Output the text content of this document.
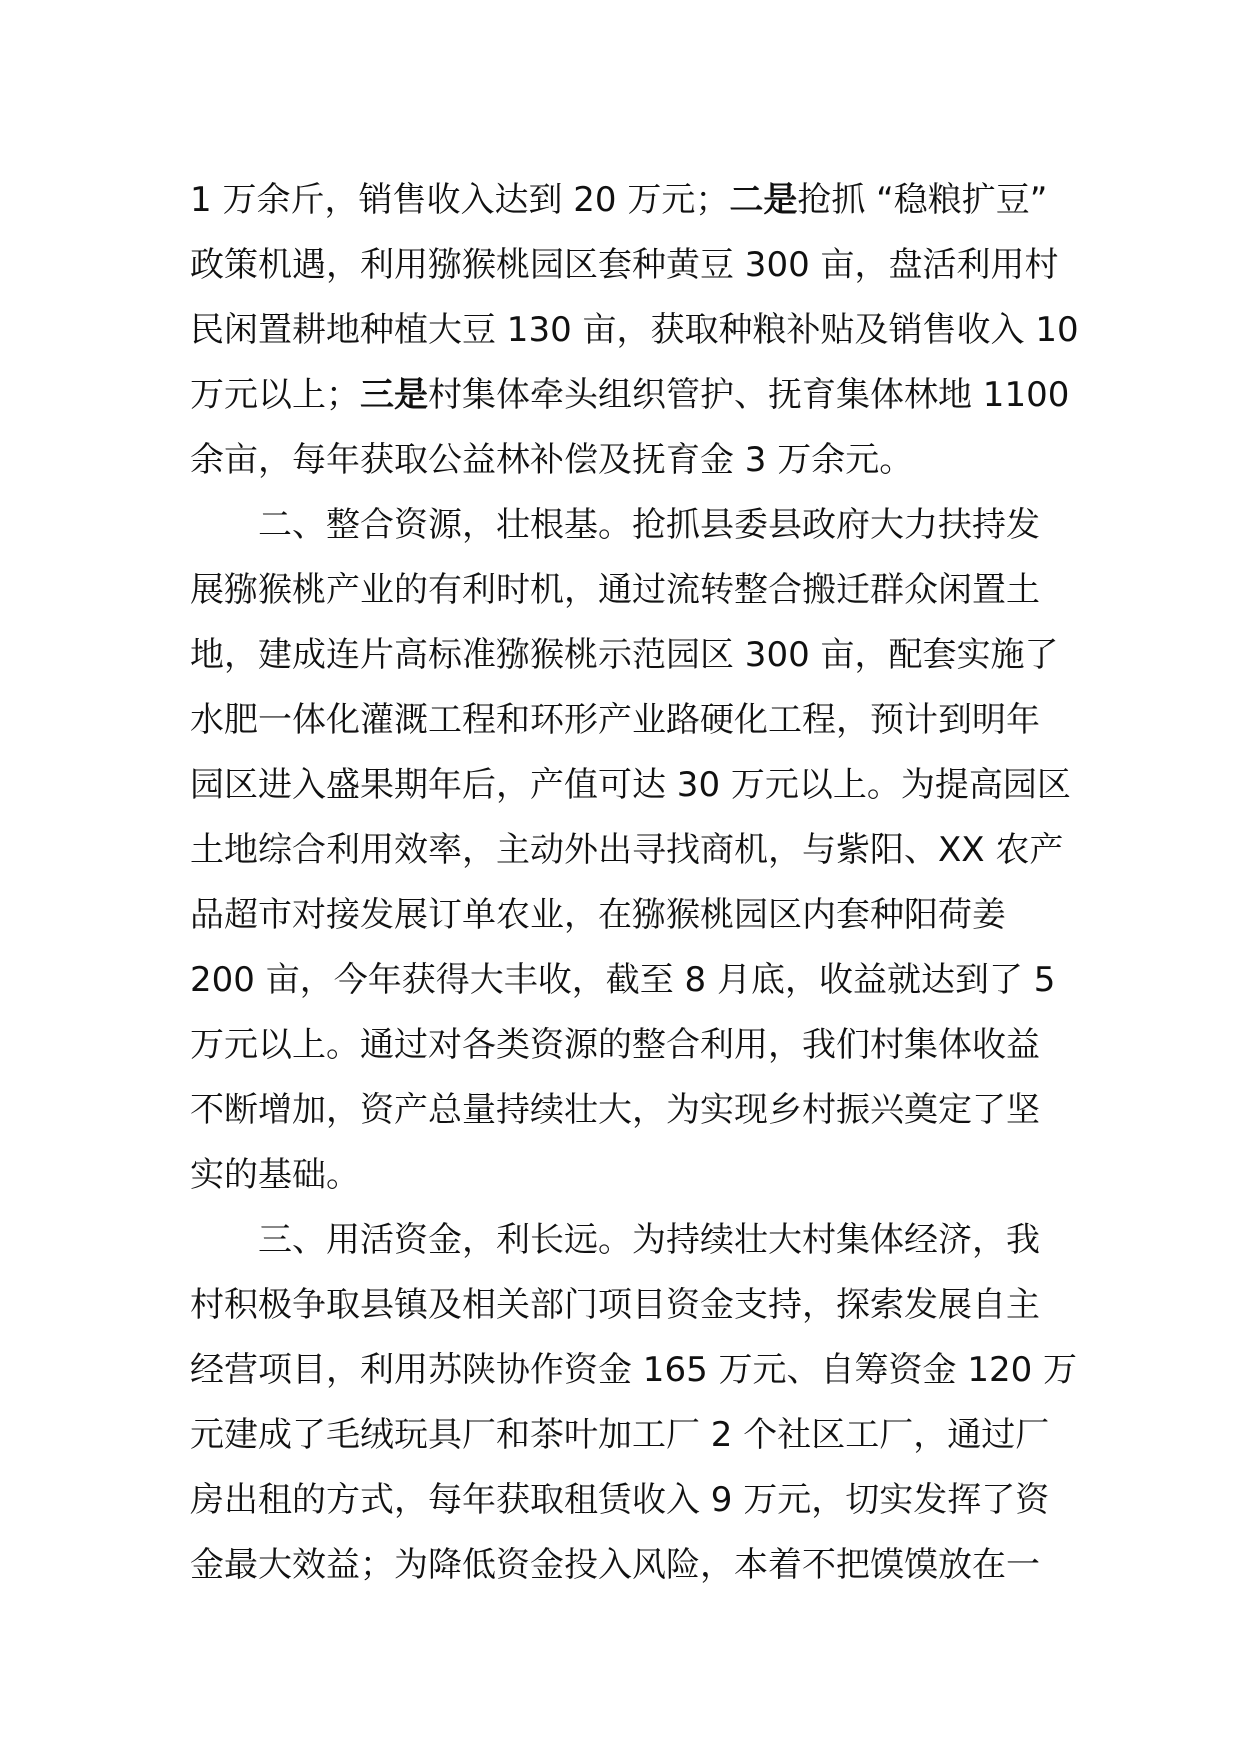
1 万余斤，销售收入达到 20 万元；二是抢抓 “稳粮扩豆”
政策机遇，利用猕猴桃园区套种黄豆 300 亩，盘活利用村
民闲置耕地种植大豆 130 亩，获取种粮补贴及销售收入 10
万元以上；三是村集体牵头组织管护、抚育集体林地 1100
余亩，每年获取公益林补偿及抚育金 3 万余元。
二、整合资源，壮根基。抢抓县委县政府大力扶持发
展猕猴桃产业的有利时机，通过流转整合搬迁群众闲置土
地，建成连片高标准猕猴桃示范园区 300 亩，配套实施了
水肥一体化灌溉工程和环形产业路硬化工程，预计到明年
园区进入盛果期年后，产值可达 30 万元以上。为提高园区
土地综合利用效率，主动外出寻找商机，与紫阳、XX 农产
品超市对接发展订单农业，在猕猴桃园区内套种阳荷姜
200 亩，今年获得大丰收，截至 8 月底，收益就达到了 5
万元以上。通过对各类资源的整合利用，我们村集体收益
不断增加，资产总量持续壮大，为实现乡村振兴奠定了坚
实的基础。
三、用活资金，利长远。为持续壮大村集体经济，我
村积极争取县镇及相关部门项目资金支持，探索发展自主
经营项目，利用苏陕协作资金 165 万元、自筹资金 120 万
元建成了毛绒玩具厂和茶叶加工厂 2 个社区工厂，通过厂
房出租的方式，每年获取租赁收入 9 万元，切实发挥了资
金最大效益；为降低资金投入风险，本着不把馍馍放在一
